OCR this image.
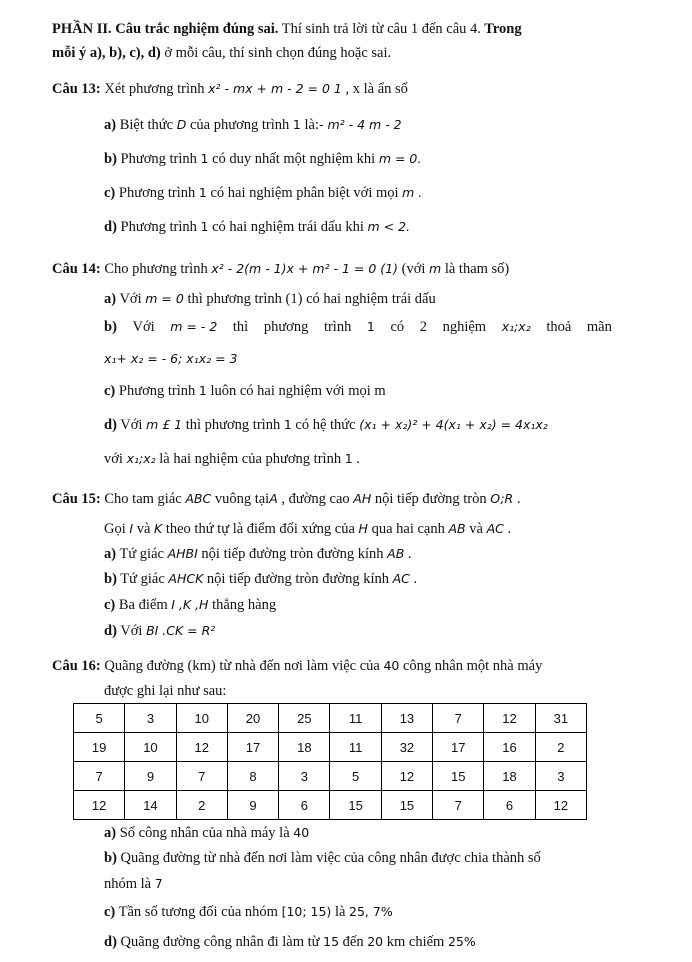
PHẦN II. Câu trắc nghiệm đúng sai. Thí sinh trả lời từ câu 1 đến câu 4. Trong
mỗi ý a), b), c), d) ở mỗi câu, thí sinh chọn đúng hoặc sai.
Câu 13: Xét phương trình x² - mx + m - 2 = 0 1 , x là ẩn số
a) Biệt thức D của phương trình 1 là:- m² - 4 m - 2
b) Phương trình 1 có duy nhất một nghiệm khi m = 0.
c) Phương trình 1 có hai nghiệm phân biệt với mọi m .
d) Phương trình 1 có hai nghiệm trái dấu khi m < 2.
Câu 14: Cho phương trình x² - 2(m - 1)x + m² - 1 = 0 (1) (với m là tham số)
a) Với m = 0 thì phương trình (1) có hai nghiệm trái dấu
b) Với m = - 2 thì phương trình 1 có 2 nghiệm x₁;x₂ thoả mãn
x₁+ x₂ = - 6; x₁x₂ = 3
c) Phương trình 1 luôn có hai nghiệm với mọi m
d) Với m £ 1 thì phương trình 1 có hệ thức (x₁ + x₂)² + 4(x₁ + x₂) = 4x₁x₂
với x₁;x₂ là hai nghiệm của phương trình 1 .
Câu 15: Cho tam giác ABC vuông tạiA , đường cao AH nội tiếp đường tròn O;R .
Gọi I và K theo thứ tự là điểm đối xứng của H qua hai cạnh AB và AC .
a) Tứ giác AHBI nội tiếp đường tròn đường kính AB .
b) Tứ giác AHCK nội tiếp đường tròn đường kính AC .
c) Ba điểm I ,K ,H thẳng hàng
d) Với BI .CK = R²
Câu 16: Quãng đường (km) từ nhà đến nơi làm việc của 40 công nhân một nhà máy
được ghi lại như sau:
5	3	10	20	25	11	13	7	12	31
19	10	12	17	18	11	32	17	16	2
7	9	7	8	3	5	12	15	18	3
12	14	2	9	6	15	15	7	6	12
a) Số công nhân của nhà máy là 40
b) Quãng đường từ nhà đến nơi làm việc của công nhân được chia thành số
nhóm là 7
c) Tần số tương đối của nhóm [10; 15) là 25, 7%
d) Quãng đường công nhân đi làm từ 15 đến 20 km chiếm 25%
